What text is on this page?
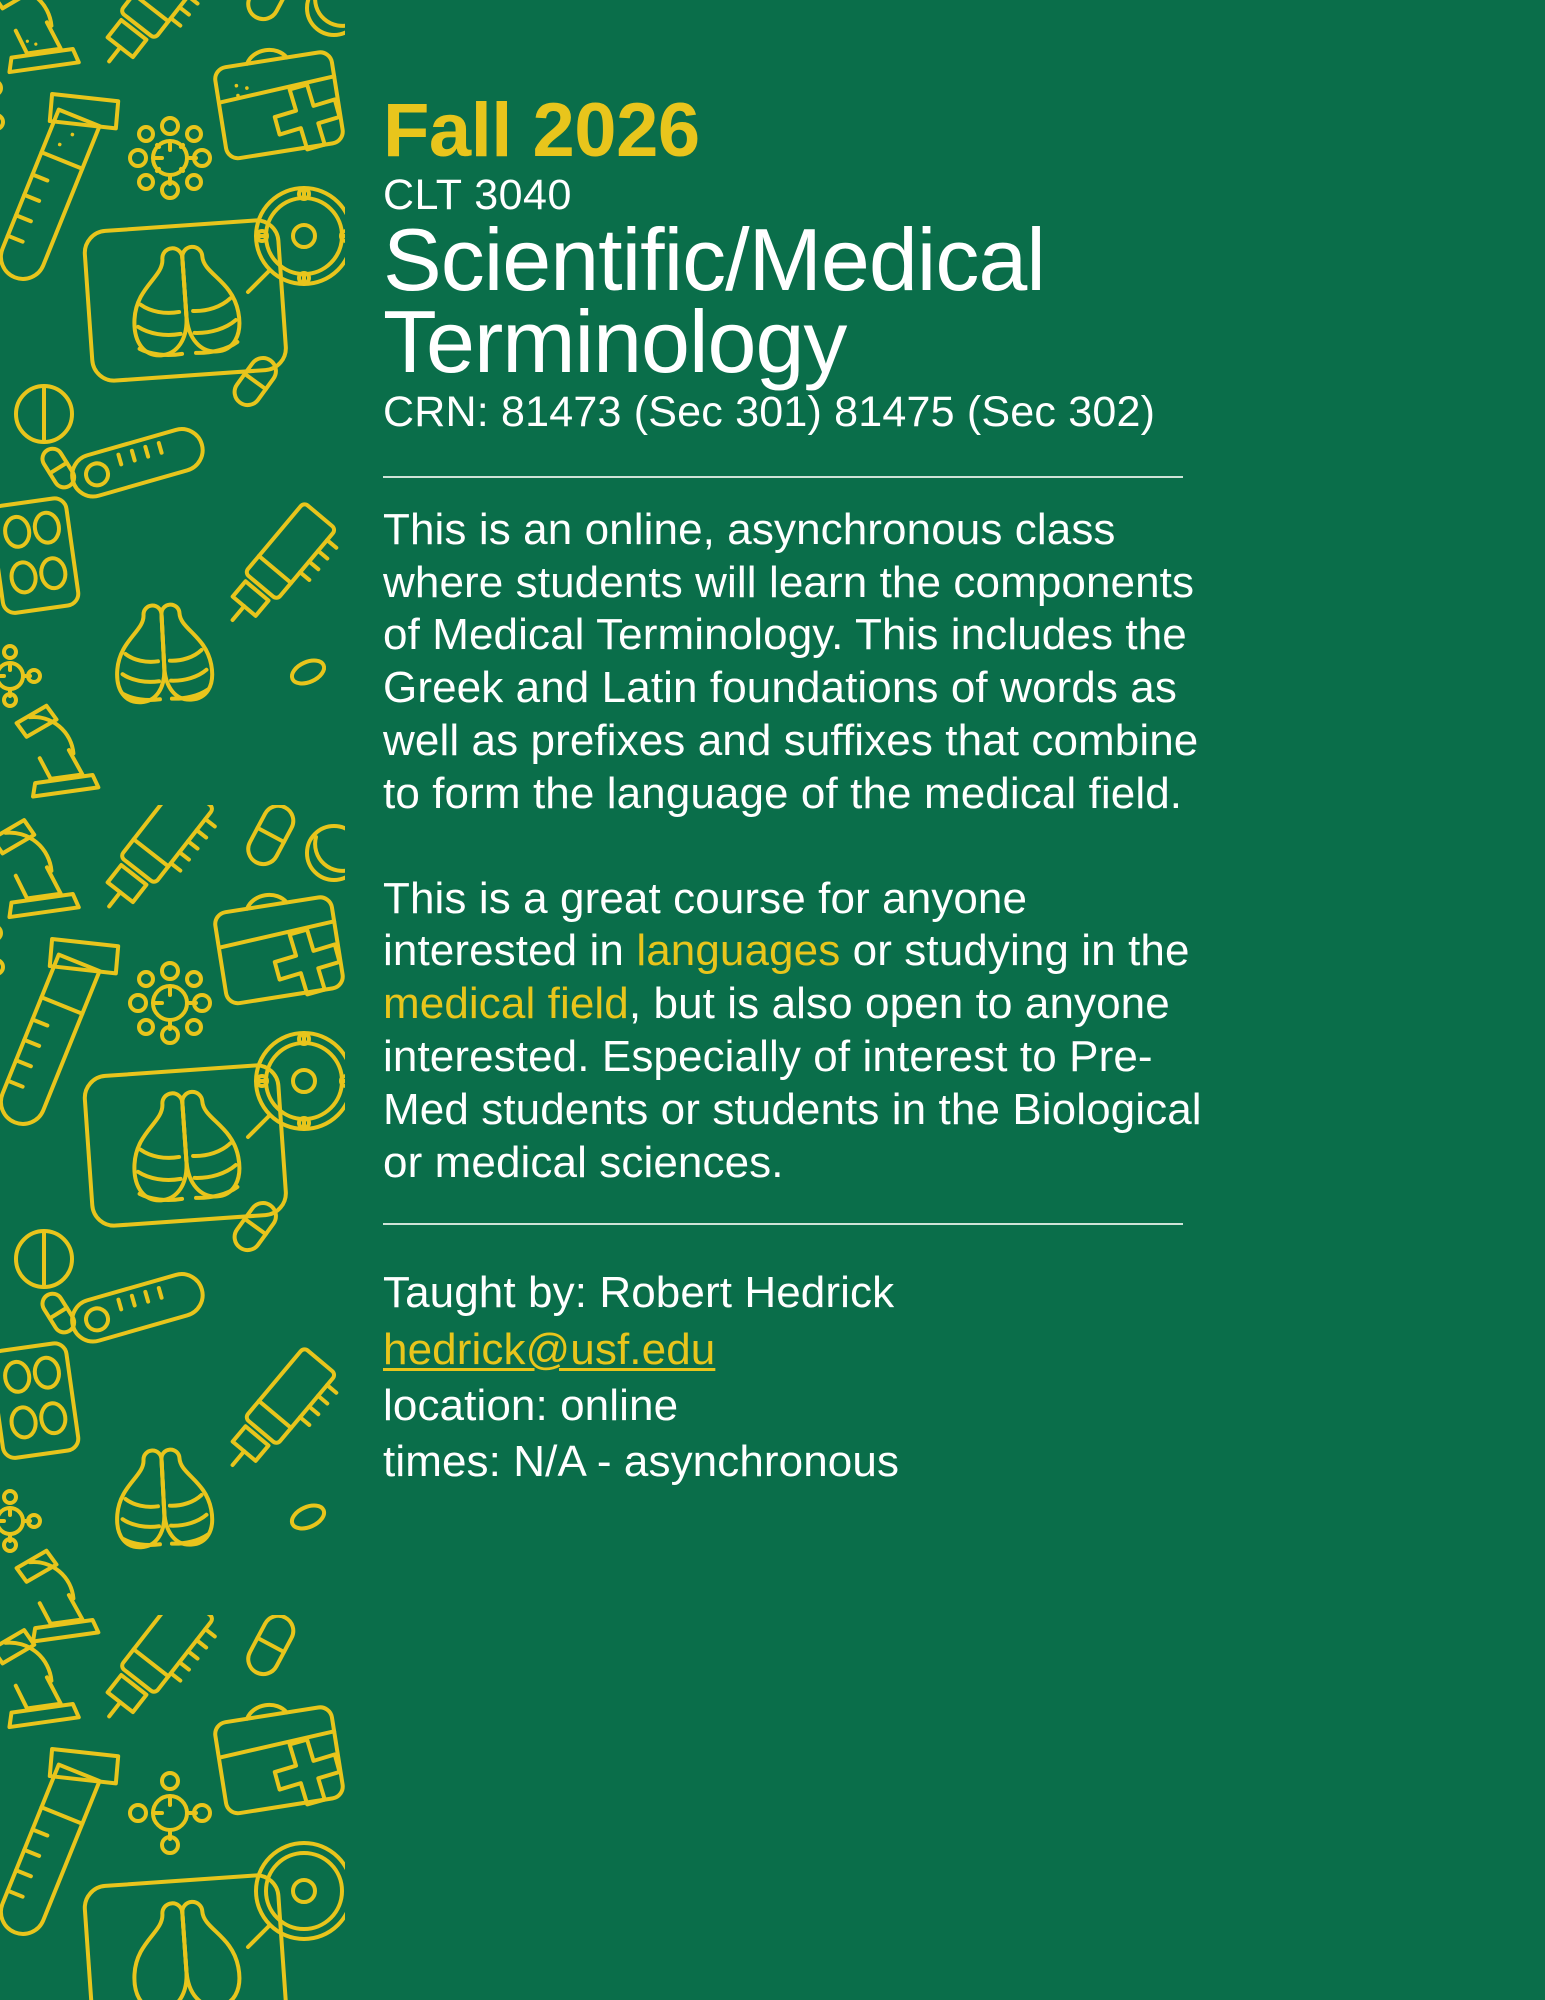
Fall 2026
CLT 3040
Scientific/Medical Terminology
CRN: 81473 (Sec 301) 81475 (Sec 302)

This is an online, asynchronous class where students will learn the components of Medical Terminology. This includes the Greek and Latin foundations of words as well as prefixes and suffixes that combine to form the language of the medical field.

This is a great course for anyone interested in languages or studying in the medical field, but is also open to anyone interested. Especially of interest to Pre-Med students or students in the Biological or medical sciences.

Taught by: Robert Hedrick
hedrick@usf.edu
location: online
times: N/A - asynchronous
